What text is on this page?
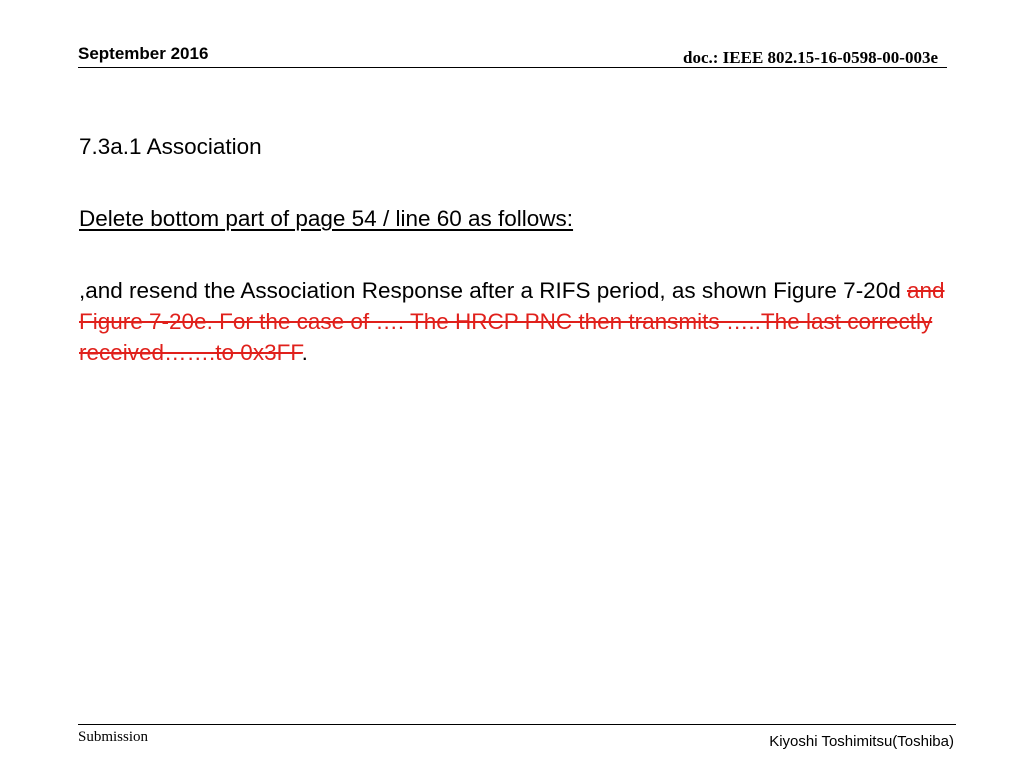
September 2016	doc.: IEEE 802.15-16-0598-00-003e

7.3a.1 Association

Delete bottom part of page 54 / line 60 as follows:

,and resend the Association Response after a RIFS period, as shown Figure 7-20d and Figure 7-20e. For the case of …. The HRCP PNC then transmits …..The last correctly received…….to 0x3FF.

Submission	Kiyoshi Toshimitsu(Toshiba)
